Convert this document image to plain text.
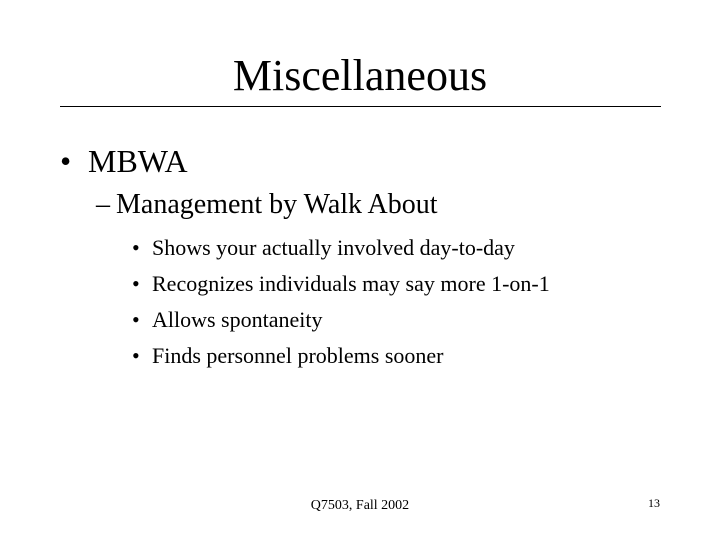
Miscellaneous
• MBWA
– Management by Walk About
• Shows your actually involved day-to-day
• Recognizes individuals may say more 1-on-1
• Allows spontaneity
• Finds personnel problems sooner
Q7503, Fall 2002	13
